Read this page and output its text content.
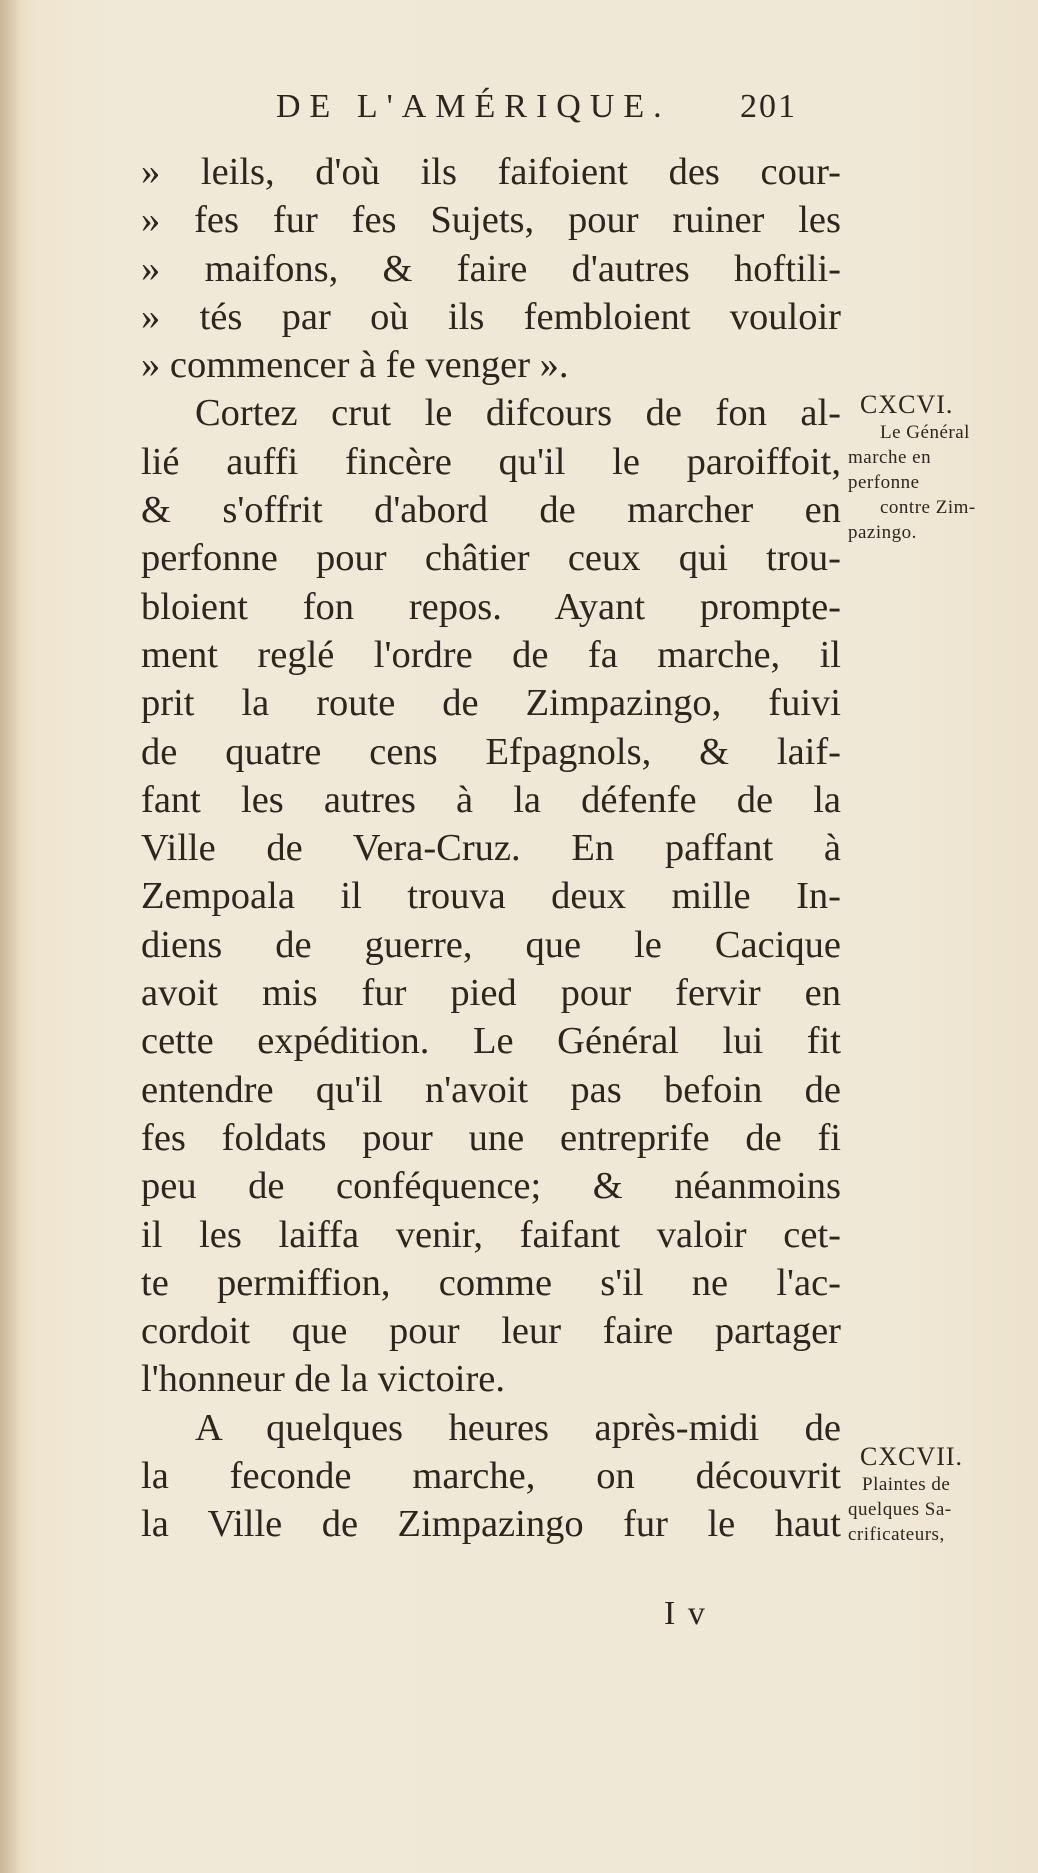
DE L'AMÉRIQUE. 201
» leils, d'où ils faifoient des cour-
» fes fur fes Sujets, pour ruiner les
» maifons, & faire d'autres hoftili-
» tés par où ils fembloient vouloir
» commencer à fe venger ».
Cortez crut le difcours de fon al-
lié auffi fincère qu'il le paroiffoit,
& s'offrit d'abord de marcher en
perfonne pour châtier ceux qui trou-
bloient fon repos. Ayant prompte-
ment reglé l'ordre de fa marche, il
prit la route de Zimpazingo, fuivi
de quatre cens Efpagnols, & laif-
fant les autres à la défenfe de la
Ville de Vera-Cruz. En paffant à
Zempoala il trouva deux mille In-
diens de guerre, que le Cacique
avoit mis fur pied pour fervir en
cette expédition. Le Général lui fit
entendre qu'il n'avoit pas befoin de
fes foldats pour une entreprife de fi
peu de conféquence; & néanmoins
il les laiffa venir, faifant valoir cet-
te permiffion, comme s'il ne l'ac-
cordoit que pour leur faire partager
l'honneur de la victoire.
A quelques heures après-midi de
la feconde marche, on découvrit
la Ville de Zimpazingo fur le haut
CXCVI.
Le Général
marche en
perfonne
contre Zim-
pazingo.
CXCVII.
Plaintes de
quelques Sa-
crificateurs,
I v
